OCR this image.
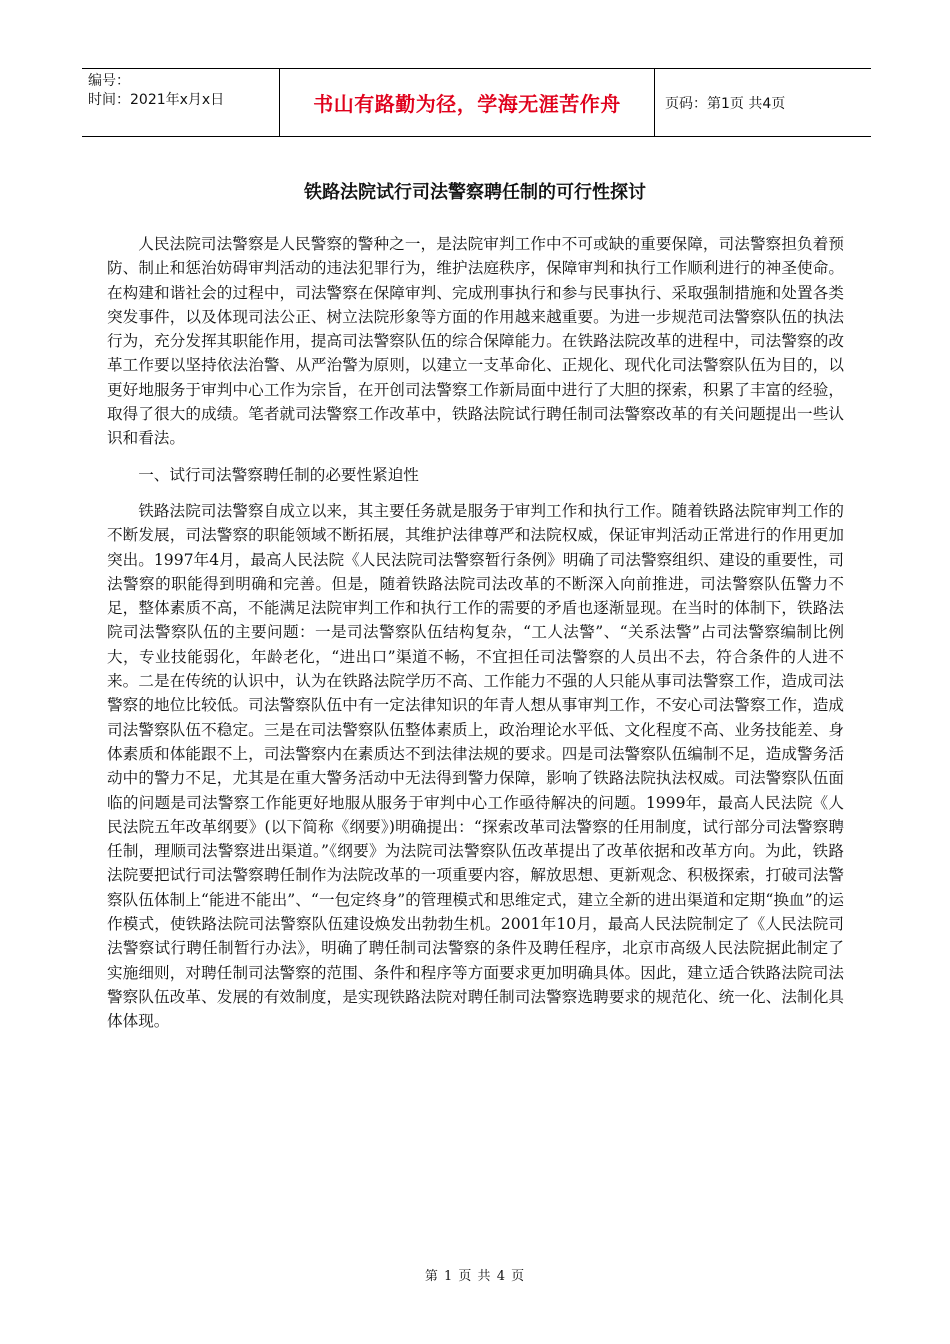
编号：
时间：2021年x月x日	书山有路勤为径，学海无涯苦作舟	页码：第1页 共4页
铁路法院试行司法警察聘任制的可行性探讨

人民法院司法警察是人民警察的警种之一，是法院审判工作中不可或缺的重要保障，司法警察担负着预防、制止和惩治妨碍审判活动的违法犯罪行为，维护法庭秩序，保障审判和执行工作顺利进行的神圣使命。在构建和谐社会的过程中，司法警察在保障审判、完成刑事执行和参与民事执行、采取强制措施和处置各类突发事件，以及体现司法公正、树立法院形象等方面的作用越来越重要。为进一步规范司法警察队伍的执法行为，充分发挥其职能作用，提高司法警察队伍的综合保障能力。在铁路法院改革的进程中，司法警察的改革工作要以坚持依法治警、从严治警为原则，以建立一支革命化、正规化、现代化司法警察队伍为目的，以更好地服务于审判中心工作为宗旨，在开创司法警察工作新局面中进行了大胆的探索，积累了丰富的经验，取得了很大的成绩。笔者就司法警察工作改革中，铁路法院试行聘任制司法警察改革的有关问题提出一些认识和看法。

一、试行司法警察聘任制的必要性紧迫性

铁路法院司法警察自成立以来，其主要任务就是服务于审判工作和执行工作。随着铁路法院审判工作的不断发展，司法警察的职能领域不断拓展，其维护法律尊严和法院权威，保证审判活动正常进行的作用更加突出。1997年4月，最高人民法院《人民法院司法警察暂行条例》明确了司法警察组织、建设的重要性，司法警察的职能得到明确和完善。但是，随着铁路法院司法改革的不断深入向前推进，司法警察队伍警力不足，整体素质不高，不能满足法院审判工作和执行工作的需要的矛盾也逐渐显现。在当时的体制下，铁路法院司法警察队伍的主要问题：一是司法警察队伍结构复杂，“工人法警”、“关系法警”占司法警察编制比例大，专业技能弱化，年龄老化，“进出口”渠道不畅，不宜担任司法警察的人员出不去，符合条件的人进不来。二是在传统的认识中，认为在铁路法院学历不高、工作能力不强的人只能从事司法警察工作，造成司法警察的地位比较低。司法警察队伍中有一定法律知识的年青人想从事审判工作，不安心司法警察工作，造成司法警察队伍不稳定。三是在司法警察队伍整体素质上，政治理论水平低、文化程度不高、业务技能差、身体素质和体能跟不上，司法警察内在素质达不到法律法规的要求。四是司法警察队伍编制不足，造成警务活动中的警力不足，尤其是在重大警务活动中无法得到警力保障，影响了铁路法院执法权威。司法警察队伍面临的问题是司法警察工作能更好地服从服务于审判中心工作亟待解决的问题。1999年，最高人民法院《人民法院五年改革纲要》(以下简称《纲要》)明确提出：“探索改革司法警察的任用制度，试行部分司法警察聘任制，理顺司法警察进出渠道。”《纲要》为法院司法警察队伍改革提出了改革依据和改革方向。为此，铁路法院要把试行司法警察聘任制作为法院改革的一项重要内容，解放思想、更新观念、积极探索，打破司法警察队伍体制上“能进不能出”、“一包定终身”的管理模式和思维定式，建立全新的进出渠道和定期“换血”的运作模式，使铁路法院司法警察队伍建设焕发出勃勃生机。2001年10月，最高人民法院制定了《人民法院司法警察试行聘任制暂行办法》，明确了聘任制司法警察的条件及聘任程序，北京市高级人民法院据此制定了实施细则，对聘任制司法警察的范围、条件和程序等方面要求更加明确具体。因此，建立适合铁路法院司法警察队伍改革、发展的有效制度，是实现铁路法院对聘任制司法警察选聘要求的规范化、统一化、法制化具体体现。

第 1 页 共 4 页
